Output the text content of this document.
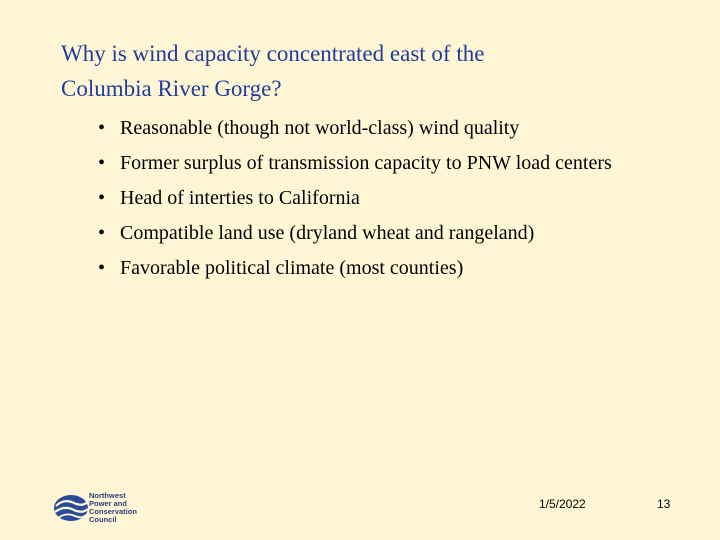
Why is wind capacity concentrated east of the
Columbia River Gorge?
• Reasonable (though not world-class) wind quality
• Former surplus of transmission capacity to PNW load centers
• Head of interties to California
• Compatible land use (dryland wheat and rangeland)
• Favorable political climate (most counties)
Northwest
Power and
Conservation
Council
1/5/2022	13
